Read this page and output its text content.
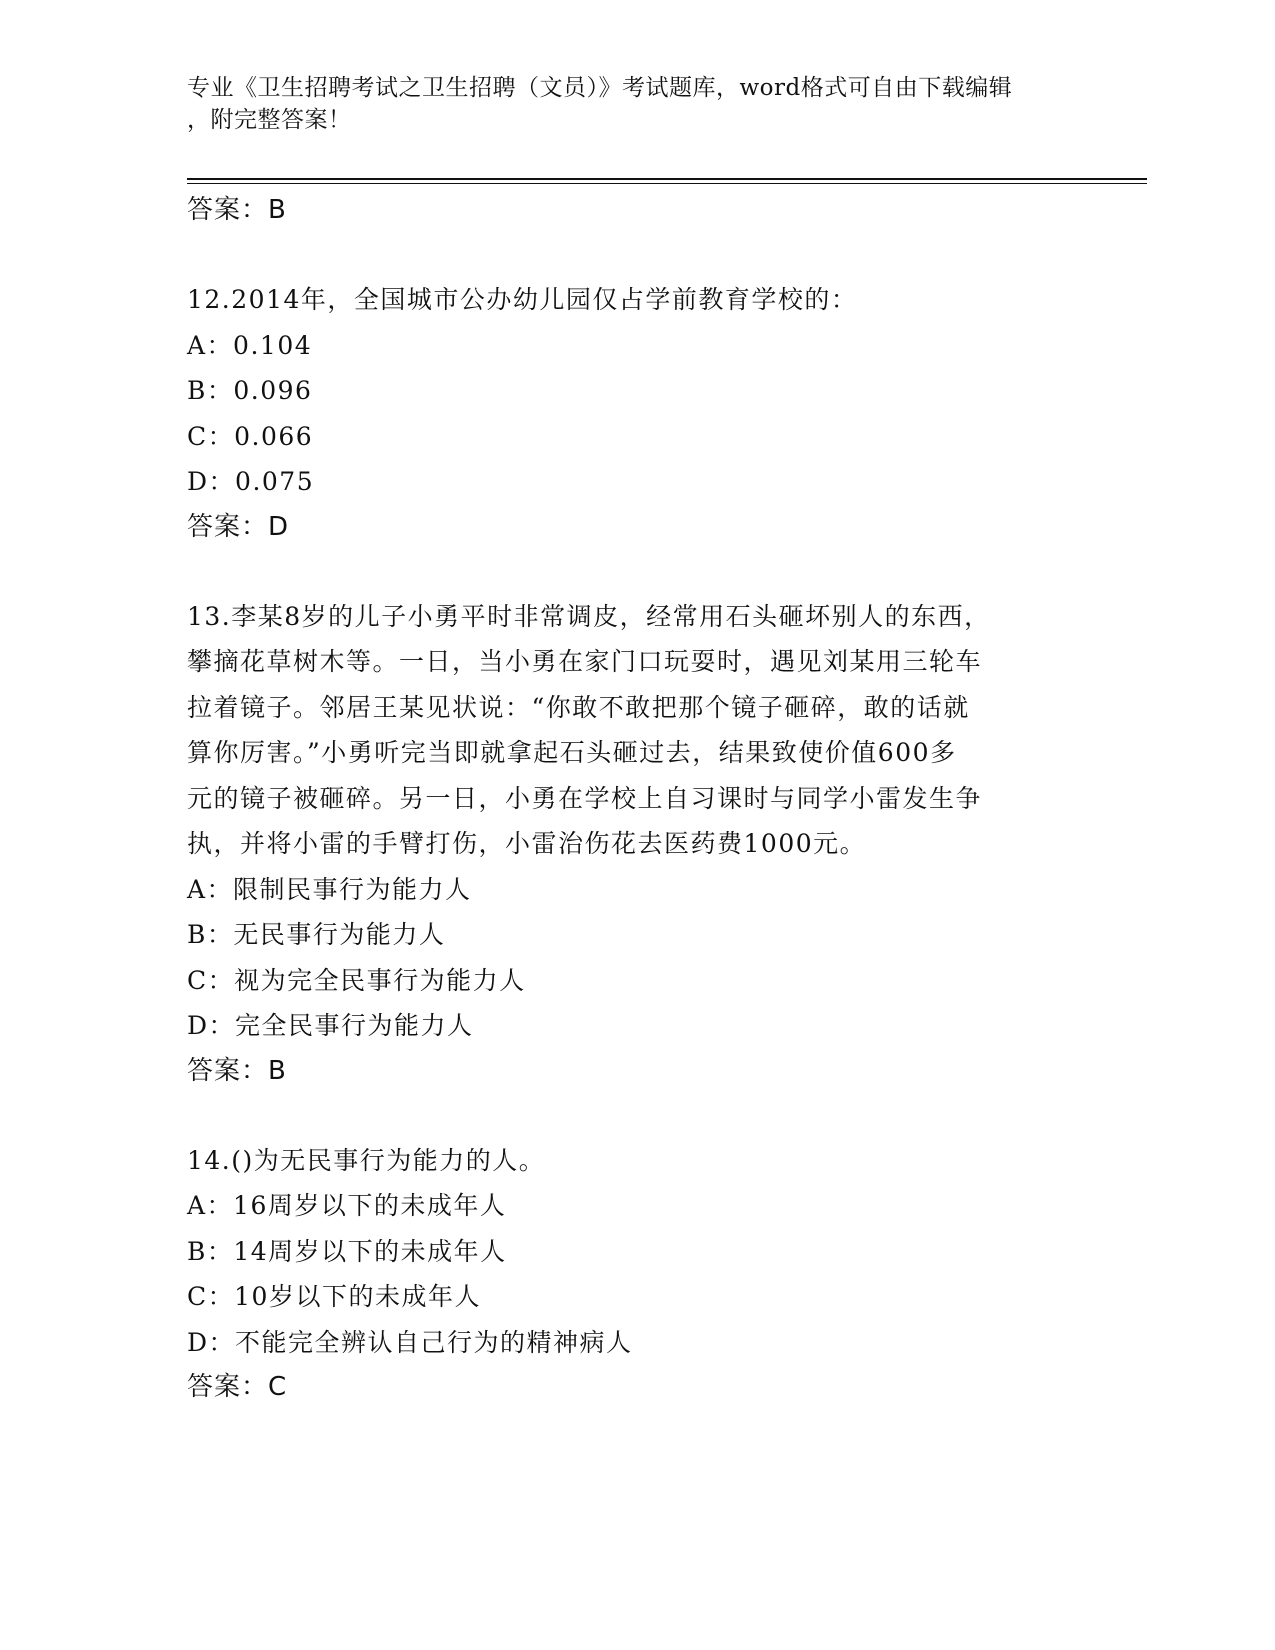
专业《卫生招聘考试之卫生招聘（文员）》考试题库，word格式可自由下载编辑
，附完整答案！
答案：B
12.2014年，全国城市公办幼儿园仅占学前教育学校的：
A：0.104
B：0.096
C：0.066
D：0.075
答案：D
13.李某8岁的儿子小勇平时非常调皮，经常用石头砸坏别人的东西，
攀摘花草树木等。一日，当小勇在家门口玩耍时，遇见刘某用三轮车
拉着镜子。邻居王某见状说：“你敢不敢把那个镜子砸碎，敢的话就
算你厉害。”小勇听完当即就拿起石头砸过去，结果致使价值600多
元的镜子被砸碎。另一日，小勇在学校上自习课时与同学小雷发生争
执，并将小雷的手臂打伤，小雷治伤花去医药费1000元。
A：限制民事行为能力人
B：无民事行为能力人
C：视为完全民事行为能力人
D：完全民事行为能力人
答案：B
14.()为无民事行为能力的人。
A：16周岁以下的未成年人
B：14周岁以下的未成年人
C：10岁以下的未成年人
D：不能完全辨认自己行为的精神病人
答案：C
